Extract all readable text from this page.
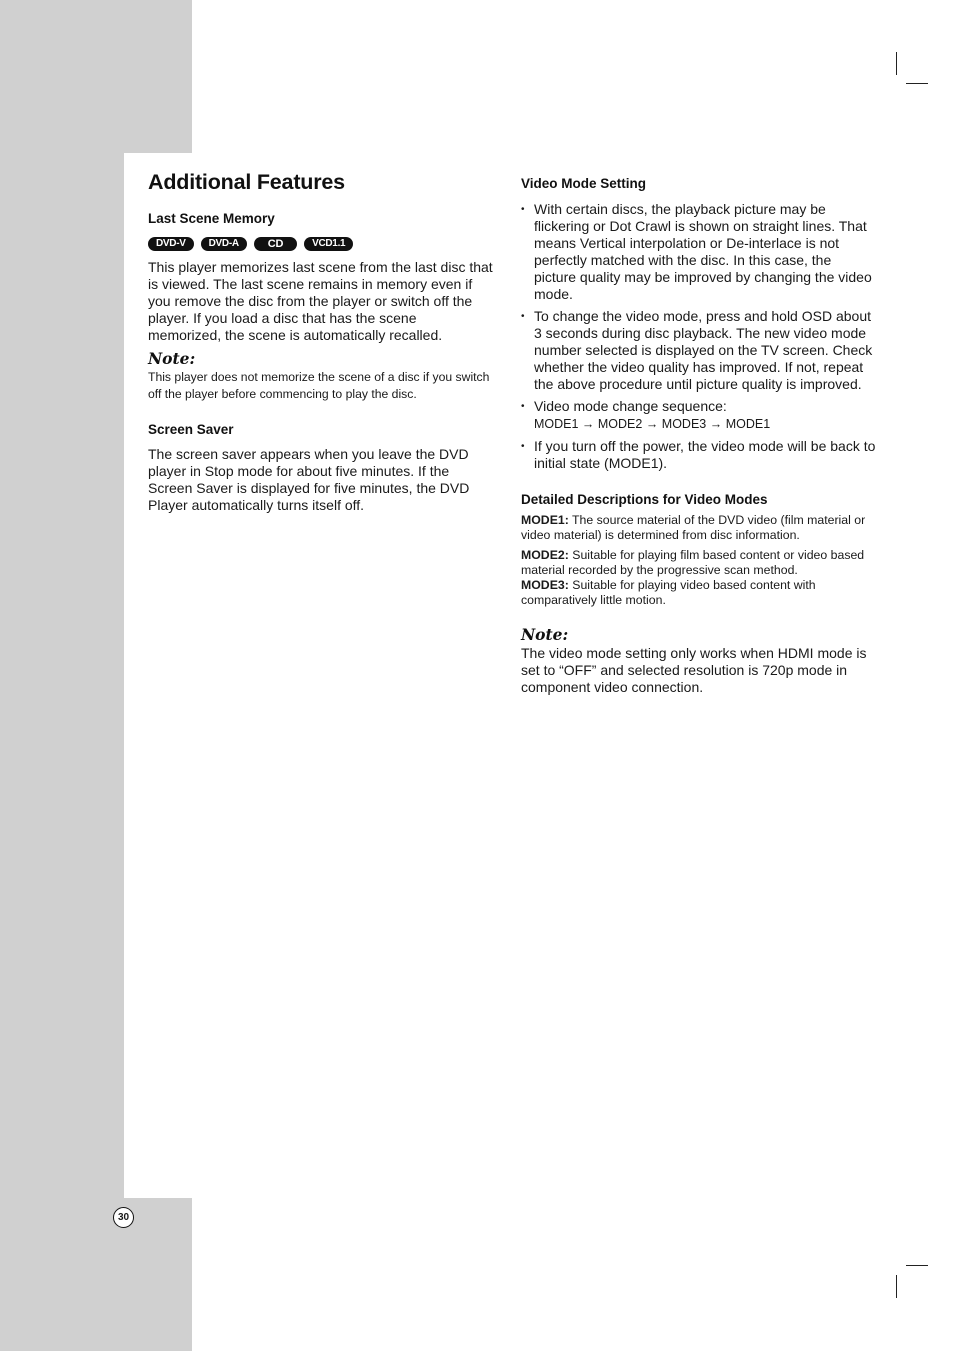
Additional Features
Last Scene Memory
DVD-V	DVD-A	CD	VCD1.1

This player memorizes last scene from the last disc that is viewed. The last scene remains in memory even if you remove the disc from the player or switch off the player. If you load a disc that has the scene memorized, the scene is automatically recalled.

Note:

This player does not memorize the scene of a disc if you switch off the player before commencing to play the disc.

Screen Saver

The screen saver appears when you leave the DVD player in Stop mode for about five minutes. If the Screen Saver is displayed for five minutes, the DVD Player automatically turns itself off.

Video Mode Setting
• With certain discs, the playback picture may be flickering or Dot Crawl is shown on straight lines. That means Vertical interpolation or De-interlace is not perfectly matched with the disc. In this case, the picture quality may be improved by changing the video mode.
• To change the video mode, press and hold OSD about 3 seconds during disc playback. The new video mode number selected is displayed on the TV screen. Check whether the video quality has improved. If not, repeat the above procedure until picture quality is improved.
• Video mode change sequence:
MODE1 → MODE2 → MODE3 → MODE1
• If you turn off the power, the video mode will be back to initial state (MODE1).
Detailed Descriptions for Video Modes

MODE1: The source material of the DVD video (film material or video material) is determined from disc information.

MODE2: Suitable for playing film based content or video based material recorded by the progressive scan method.

MODE3: Suitable for playing video based content with comparatively little motion.

Note:

The video mode setting only works when HDMI mode is set to “OFF” and selected resolution is 720p mode in component video connection.

30
